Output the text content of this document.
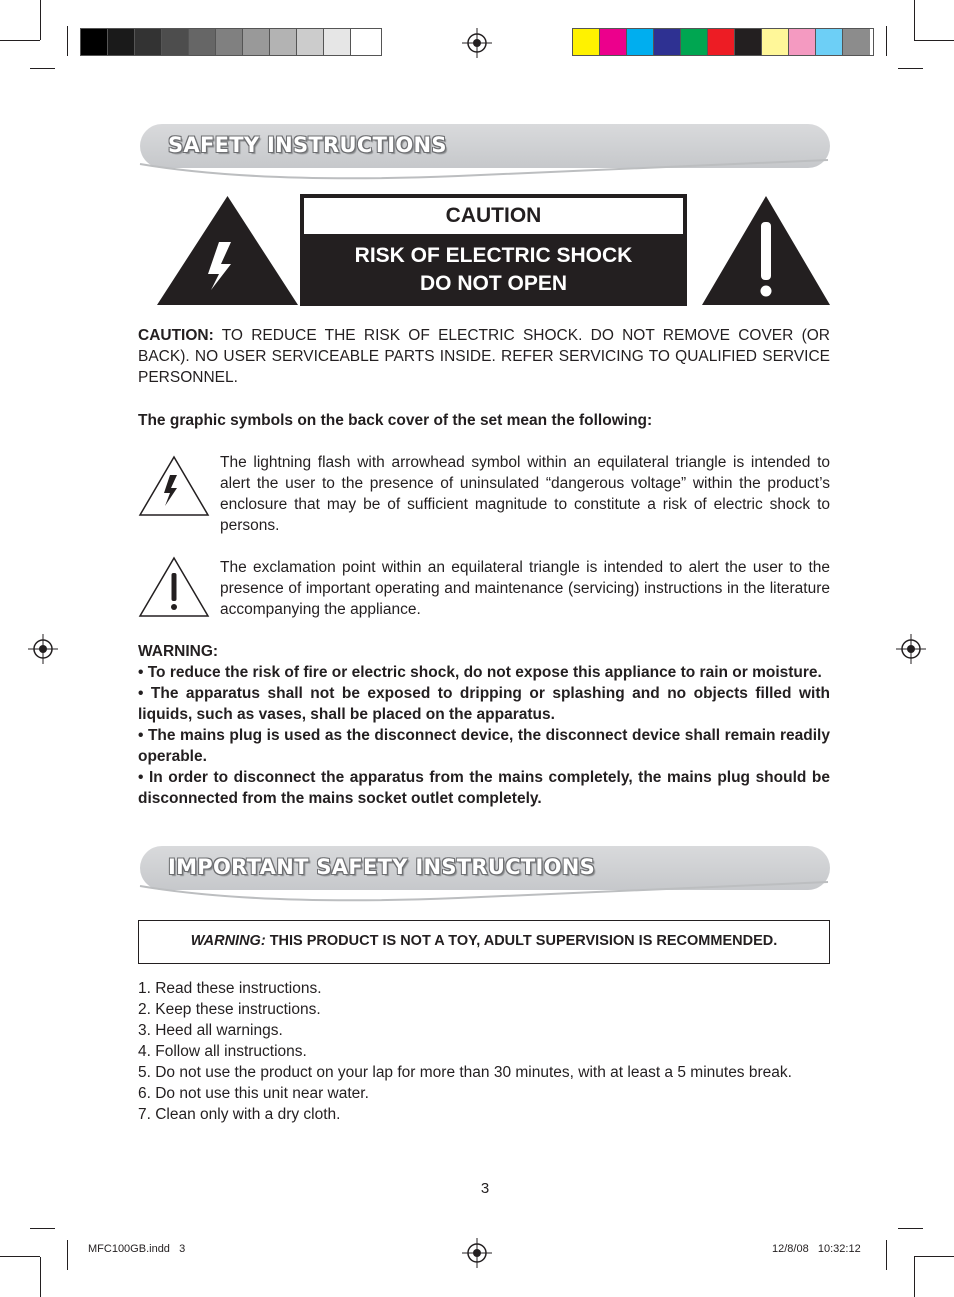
SAFETY INSTRUCTIONS
CAUTION
RISK OF ELECTRIC SHOCK
DO NOT OPEN
CAUTION: TO REDUCE THE RISK OF ELECTRIC SHOCK. DO NOT REMOVE COVER (OR BACK). NO USER SERVICEABLE PARTS INSIDE. REFER SERVICING TO QUALIFIED SERVICE PERSONNEL.
The graphic symbols on the back cover of the set mean the following:
The lightning flash with arrowhead symbol within an equilateral triangle is intended to alert the user to the presence of uninsulated “dangerous voltage” within the product’s enclosure that may be of sufficient magnitude to constitute a risk of electric shock to persons.
The exclamation point within an equilateral triangle is intended to alert the user to the presence of important operating and maintenance (servicing) instructions in the literature accompanying the appliance.
WARNING:
• To reduce the risk of fire or electric shock, do not expose this appliance to rain or moisture.
• The apparatus shall not be exposed to dripping or splashing and no objects filled with liquids, such as vases, shall be placed on the apparatus.
• The mains plug is used as the disconnect device, the disconnect device shall remain readily operable.
• In order to disconnect the apparatus from the mains completely, the mains plug should be disconnected from the mains socket outlet completely.
IMPORTANT SAFETY INSTRUCTIONS
WARNING: THIS PRODUCT IS NOT A TOY, ADULT SUPERVISION IS RECOMMENDED.
1. Read these instructions.
2. Keep these instructions.
3. Heed all warnings.
4. Follow all instructions.
5. Do not use the product on your lap for more than 30 minutes, with at least a 5 minutes break.
6. Do not use this unit near water.
7. Clean only with a dry cloth.
3
MFC100GB.indd   3	12/8/08   10:32:12
